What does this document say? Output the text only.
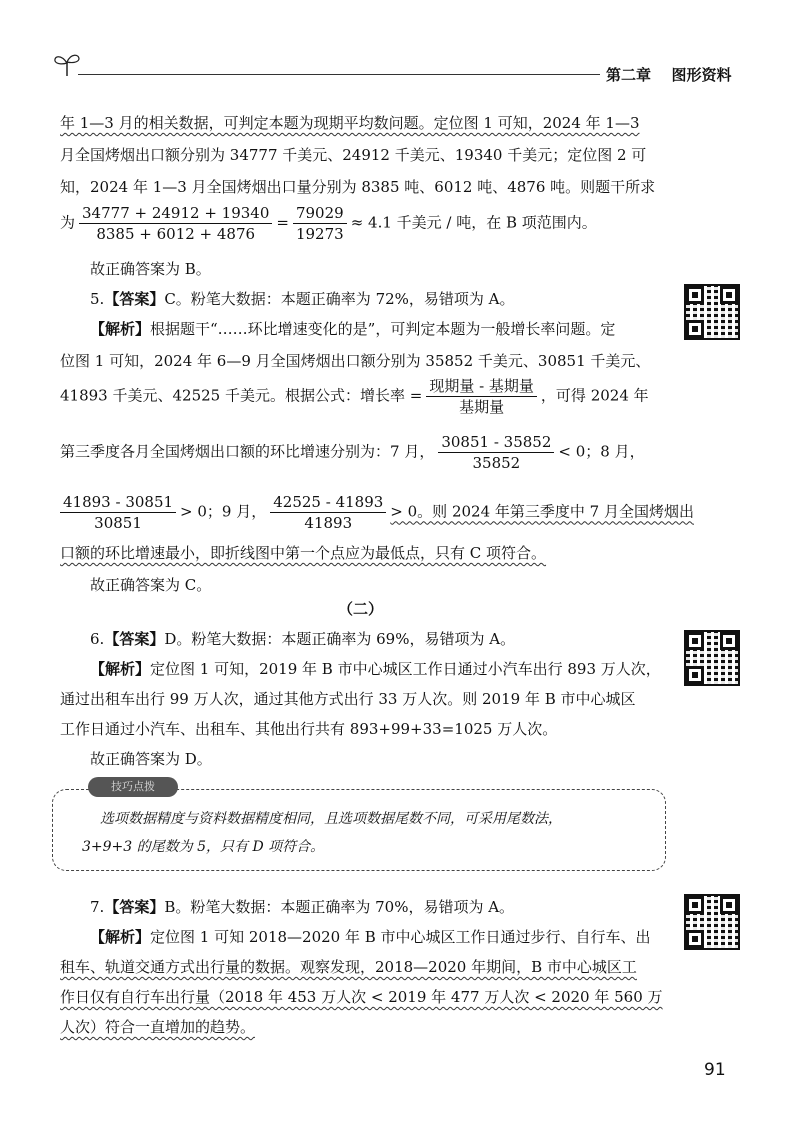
第二章 图形资料
年 1—3 月的相关数据，可判定本题为现期平均数问题。定位图 1 可知，2024 年 1—3
月全国烤烟出口额分别为 34777 千美元、24912 千美元、19340 千美元；定位图 2 可
知，2024 年 1—3 月全国烤烟出口量分别为 8385 吨、6012 吨、4876 吨。则题干所求
为 $\frac{34777 + 24912 + 19340}{8385 + 6012 + 4876} = \frac{79029}{19273} \approx 4.1$ 千美元 / 吨，在 B 项范围内。
故正确答案为 B。
5.【答案】C。粉笔大数据：本题正确率为 72%，易错项为 A。
【解析】根据题干“……环比增速变化的是”，可判定本题为一般增长率问题。定
位图 1 可知，2024 年 6—9 月全国烤烟出口额分别为 35852 千美元、30851 千美元、
41893 千美元、42525 千美元。根据公式：增长率 = $\frac{\text{现期量 - 基期量}}{\text{基期量}}$ ，可得 2024 年
第三季度各月全国烤烟出口额的环比增速分别为：7 月， $\frac{30851 - 35852}{35852} < 0$；8 月，
$\frac{41893 - 30851}{30851} > 0$；9 月， $\frac{42525 - 41893}{41893} > 0$。则 2024 年第三季度中 7 月全国烤烟出
口额的环比增速最小，即折线图中第一个点应为最低点，只有 C 项符合。
故正确答案为 C。
（二）
6.【答案】D。粉笔大数据：本题正确率为 69%，易错项为 A。
【解析】定位图 1 可知，2019 年 B 市中心城区工作日通过小汽车出行 893 万人次，
通过出租车出行 99 万人次，通过其他方式出行 33 万人次。则 2019 年 B 市中心城区
工作日通过小汽车、出租车、其他出行共有 893+99+33=1025 万人次。
故正确答案为 D。
技巧点拨
选项数据精度与资料数据精度相同，且选项数据尾数不同，可采用尾数法，
3+9+3 的尾数为 5，只有 D 项符合。
7.【答案】B。粉笔大数据：本题正确率为 70%，易错项为 A。
【解析】定位图 1 可知 2018—2020 年 B 市中心城区工作日通过步行、自行车、出
租车、轨道交通方式出行量的数据。观察发现，2018—2020 年期间，B 市中心城区工
作日仅有自行车出行量（2018 年 453 万人次 < 2019 年 477 万人次 < 2020 年 560 万
人次）符合一直增加的趋势。
91
